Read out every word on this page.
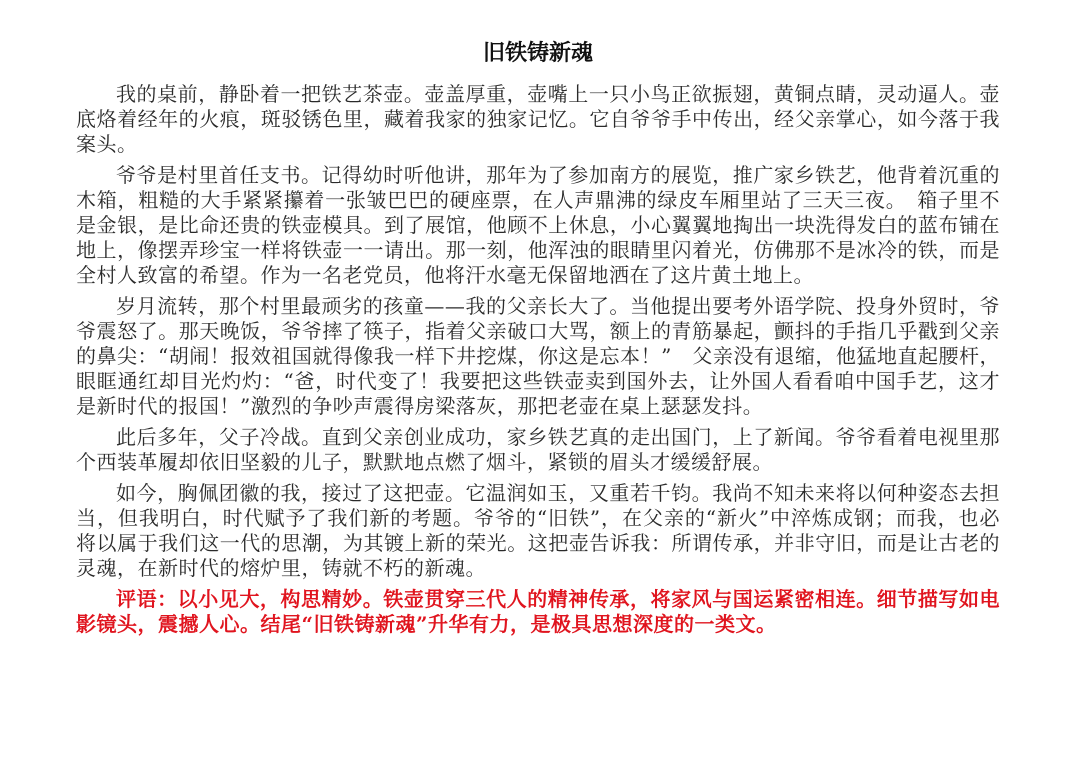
旧铁铸新魂

我的桌前，静卧着一把铁艺茶壶。壶盖厚重，壶嘴上一只小鸟正欲振翅，黄铜点睛，灵动逼人。壶底烙着经年的火痕，斑驳锈色里，藏着我家的独家记忆。它自爷爷手中传出，经父亲掌心，如今落于我案头。

爷爷是村里首任支书。记得幼时听他讲，那年为了参加南方的展览，推广家乡铁艺，他背着沉重的木箱，粗糙的大手紧紧攥着一张皱巴巴的硬座票，在人声鼎沸的绿皮车厢里站了三天三夜。　箱子里不是金银，是比命还贵的铁壶模具。到了展馆，他顾不上休息，小心翼翼地掏出一块洗得发白的蓝布铺在地上，像摆弄珍宝一样将铁壶一一请出。那一刻，他浑浊的眼睛里闪着光，仿佛那不是冰冷的铁，而是全村人致富的希望。作为一名老党员，他将汗水毫无保留地洒在了这片黄土地上。

岁月流转，那个村里最顽劣的孩童——我的父亲长大了。当他提出要考外语学院、投身外贸时，爷爷震怒了。那天晚饭，爷爷摔了筷子，指着父亲破口大骂，额上的青筋暴起，颤抖的手指几乎戳到父亲的鼻尖：“胡闹！报效祖国就得像我一样下井挖煤，你这是忘本！”　父亲没有退缩，他猛地直起腰杆，眼眶通红却目光灼灼：“爸，时代变了！我要把这些铁壶卖到国外去，让外国人看看咱中国手艺，这才是新时代的报国！”激烈的争吵声震得房梁落灰，那把老壶在桌上瑟瑟发抖。

此后多年，父子冷战。直到父亲创业成功，家乡铁艺真的走出国门，上了新闻。爷爷看着电视里那个西装革履却依旧坚毅的儿子，默默地点燃了烟斗，紧锁的眉头才缓缓舒展。

如今，胸佩团徽的我，接过了这把壶。它温润如玉，又重若千钧。我尚不知未来将以何种姿态去担当，但我明白，时代赋予了我们新的考题。爷爷的“旧铁”，在父亲的“新火”中淬炼成钢；而我，也必将以属于我们这一代的思潮，为其镀上新的荣光。这把壶告诉我：所谓传承，并非守旧，而是让古老的灵魂，在新时代的熔炉里，铸就不朽的新魂。

评语：以小见大，构思精妙。铁壶贯穿三代人的精神传承，将家风与国运紧密相连。细节描写如电影镜头，震撼人心。结尾“旧铁铸新魂”升华有力，是极具思想深度的一类文。
